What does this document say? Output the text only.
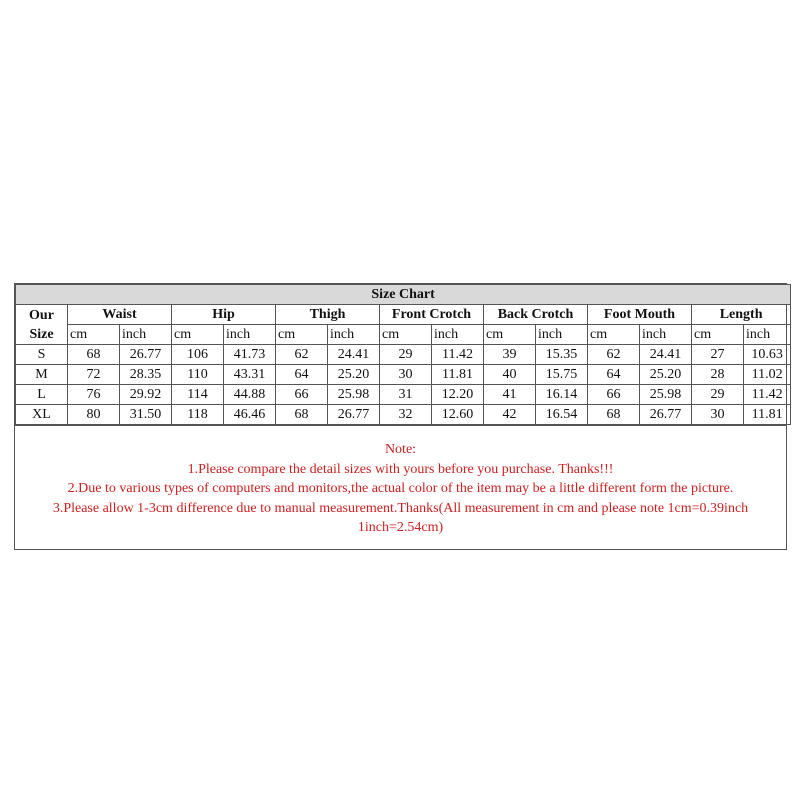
Size Chart														
Our
Size	Waist		Hip		Thigh		Front Crotch		Back Crotch		Foot Mouth		Length	
	cm	inch	cm	inch	cm	inch	cm	inch	cm	inch	cm	inch	cm	inch
S	68	26.77	106	41.73	62	24.41	29	11.42	39	15.35	62	24.41	27	10.63
M	72	28.35	110	43.31	64	25.20	30	11.81	40	15.75	64	25.20	28	11.02
L	76	29.92	114	44.88	66	25.98	31	12.20	41	16.14	66	25.98	29	11.42
XL	80	31.50	118	46.46	68	26.77	32	12.60	42	16.54	68	26.77	30	11.81
Note:
1.Please compare the detail sizes with yours before you purchase. Thanks!!!
2.Due to various types of computers and monitors,the actual color of the item may be a little different form the picture.
3.Please allow 1-3cm difference due to manual measurement.Thanks(All measurement in cm and please note 1cm=0.39inch
1inch=2.54cm)
